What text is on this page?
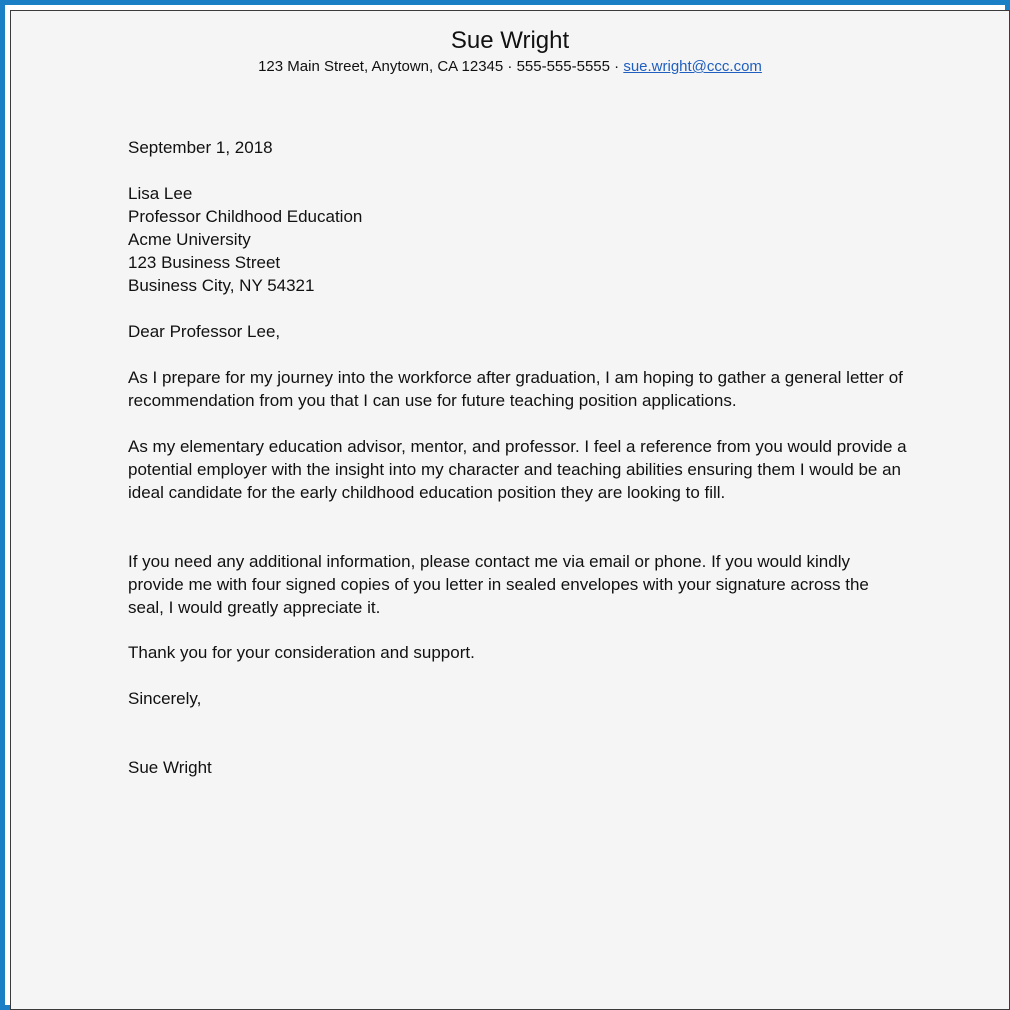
Sue Wright
123 Main Street, Anytown, CA 12345 · 555-555-5555 · sue.wright@ccc.com
September 1, 2018
Lisa Lee
Professor Childhood Education
Acme University
123 Business Street
Business City, NY 54321
Dear Professor Lee,

As I prepare for my journey into the workforce after graduation, I am hoping to gather a general letter of recommendation from you that I can use for future teaching position applications.

As my elementary education advisor, mentor, and professor. I feel a reference from you would provide a potential employer with the insight into my character and teaching abilities ensuring them I would be an ideal candidate for the early childhood education position they are looking to fill.

If you need any additional information, please contact me via email or phone. If you would kindly provide me with four signed copies of you letter in sealed envelopes with your signature across the seal, I would greatly appreciate it.

Thank you for your consideration and support.

Sincerely,
Sue Wright
